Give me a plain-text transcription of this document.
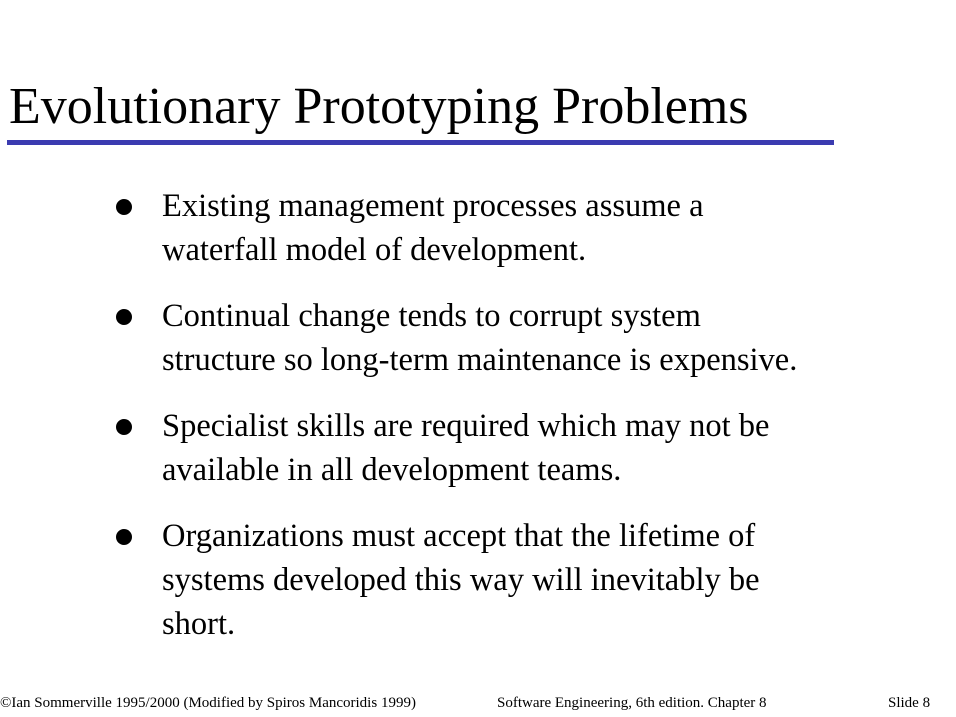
Evolutionary Prototyping Problems
Existing management processes assume a
waterfall model of development.
Continual change tends to corrupt system
structure so long-term maintenance is expensive.
Specialist skills are required which may not be
available in all development teams.
Organizations must accept that the lifetime of
systems developed this way will inevitably be
short.
©Ian Sommerville 1995/2000 (Modified by Spiros Mancoridis 1999)	Software Engineering, 6th edition. Chapter 8	Slide 8
